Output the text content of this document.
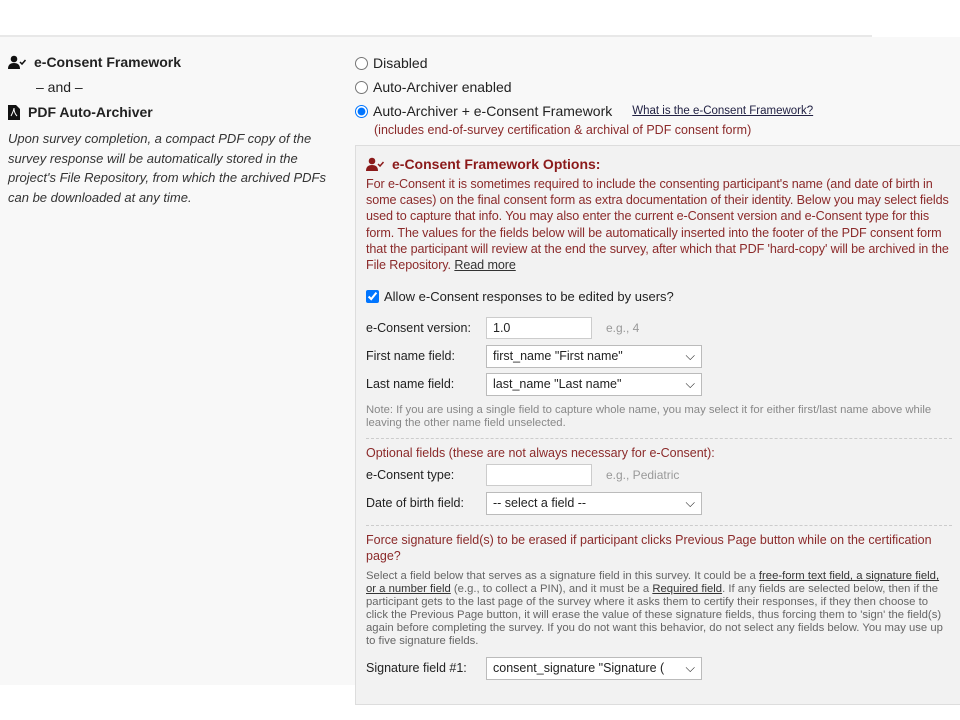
e-Consent Framework
– and –
PDF Auto-Archiver
Upon survey completion, a compact PDF copy of the survey response will be automatically stored in the project's File Repository, from which the archived PDFs can be downloaded at any time.
Disabled
Auto-Archiver enabled
Auto-Archiver + e-Consent Framework What is the e-Consent Framework?
(includes end-of-survey certification & archival of PDF consent form)
e-Consent Framework Options:
For e-Consent it is sometimes required to include the consenting participant's name (and date of birth in some cases) on the final consent form as extra documentation of their identity. Below you may select fields used to capture that info. You may also enter the current e-Consent version and e-Consent type for this form. The values for the fields below will be automatically inserted into the footer of the PDF consent form that the participant will review at the end the survey, after which that PDF 'hard-copy' will be archived in the File Repository. Read more
Allow e-Consent responses to be edited by users?
e-Consent version:	1.0	e.g., 4
First name field:	first_name "First name"	⌵
Last name field:	last_name "Last name"	⌵
Note: If you are using a single field to capture whole name, you may select it for either first/last name above while leaving the other name field unselected.
Optional fields (these are not always necessary for e-Consent):
e-Consent type:	e.g., Pediatric
Date of birth field:	-- select a field --	⌵
Force signature field(s) to be erased if participant clicks Previous Page button while on the certification page?
Select a field below that serves as a signature field in this survey. It could be a free-form text field, a signature field, or a number field (e.g., to collect a PIN), and it must be a Required field. If any fields are selected below, then if the participant gets to the last page of the survey where it asks them to certify their responses, if they then choose to click the Previous Page button, it will erase the value of these signature fields, thus forcing them to 'sign' the field(s) again before completing the survey. If you do not want this behavior, do not select any fields below. You may use up to five signature fields.
Signature field #1:	consent_signature "Signature ( ⌵
